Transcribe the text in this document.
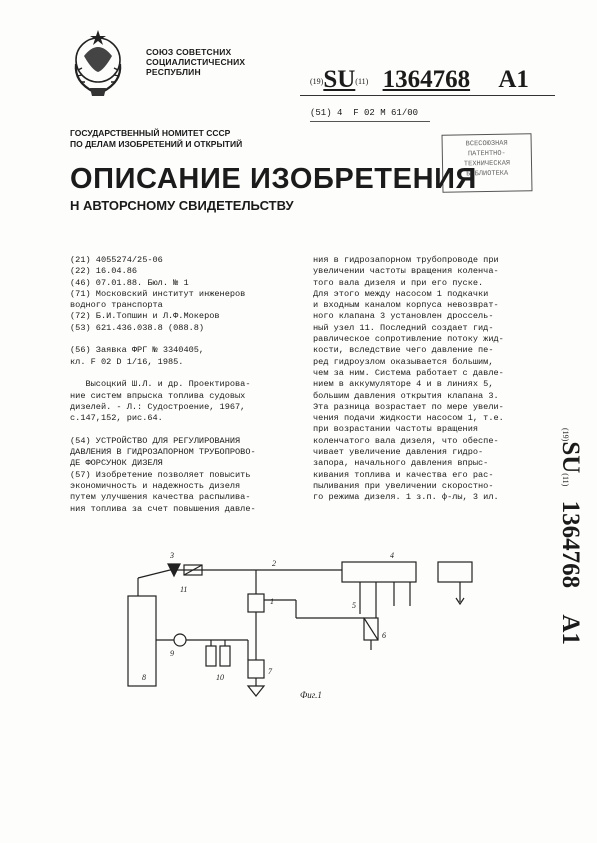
СОЮЗ СОВЕТСНИХ
СОЦИАЛИСТИЧЕСНИХ
РЕСПУБЛИН
(19)SU(11) 1364768 A1
(51) 4 F 02 M 61/00
ГОСУДАРСТВЕННЫЙ НОМИТЕТ СССР
ПО ДЕЛАМ ИЗОБРЕТЕНИЙ И ОТКРЫТИЙ	ВСЕСОЮЗНАЯ
ПАТЕНТНО-
ТЕХНИЧЕСКАЯ
БИБЛИОТЕКА
ОПИСАНИЕ ИЗОБРЕТЕНИЯ
Н АВТОРСНОМУ СВИДЕТЕЛЬСТВУ
(21) 4055274/25-06
(22) 16.04.86
(46) 07.01.88. Бюл. № 1
(71) Московский институт инженеров
водного транспорта
(72) Б.И.Топшин и Л.Ф.Мокеров
(53) 621.436.038.8 (088.8)
(56) Заявка ФРГ № 3340405,
кл. F 02 D 1/16, 1985.
Высоцкий Ш.Л. и др. Проектирова-
ние систем впрыска топлива судовых
дизелей. - Л.: Судостроение, 1967,
с.147,152, рис.64.
(54) УСТРОЙСТВО ДЛЯ РЕГУЛИРОВАНИЯ
ДАВЛЕНИЯ В ГИДРОЗАПОРНОМ ТРУБОПРОВО-
ДЕ ФОРСУНОК ДИЗЕЛЯ
(57) Изобретение позволяет повысить
экономичность и надежность дизеля
путем улучшения качества распылива-
ния топлива за счет повышения давле-
ния в гидрозапорном трубопроводе при
увеличении частоты вращения коленча-
того вала дизеля и при его пуске.
Для этого между насосом 1 подкачки
и входным каналом корпуса невозврат-
ного клапана 3 установлен дроссель-
ный узел 11. Последний создает гид-
равлическое сопротивление потоку жид-
кости, вследствие чего давление пе-
ред гидроузлом оказывается большим,
чем за ним. Система работает с давле-
нием в аккумуляторе 4 и в линиях 5,
большим давления открытия клапана 3.
Эта разница возрастает по мере увели-
чения подачи жидкости насосом 1, т.е.
при возрастании частоты вращения
коленчатого вала дизеля, что обеспе-
чивает увеличение давления гидро-
запора, начального давления впрыс-
кивания топлива и качества его рас-
пыливания при увеличении скоростно-
го режима дизеля. 1 з.п. ф-лы, 3 ил.
(19)SU(11) 1364768 A1
3
11
2
4
1	5
6
8
9
10
7
Фиг.1
